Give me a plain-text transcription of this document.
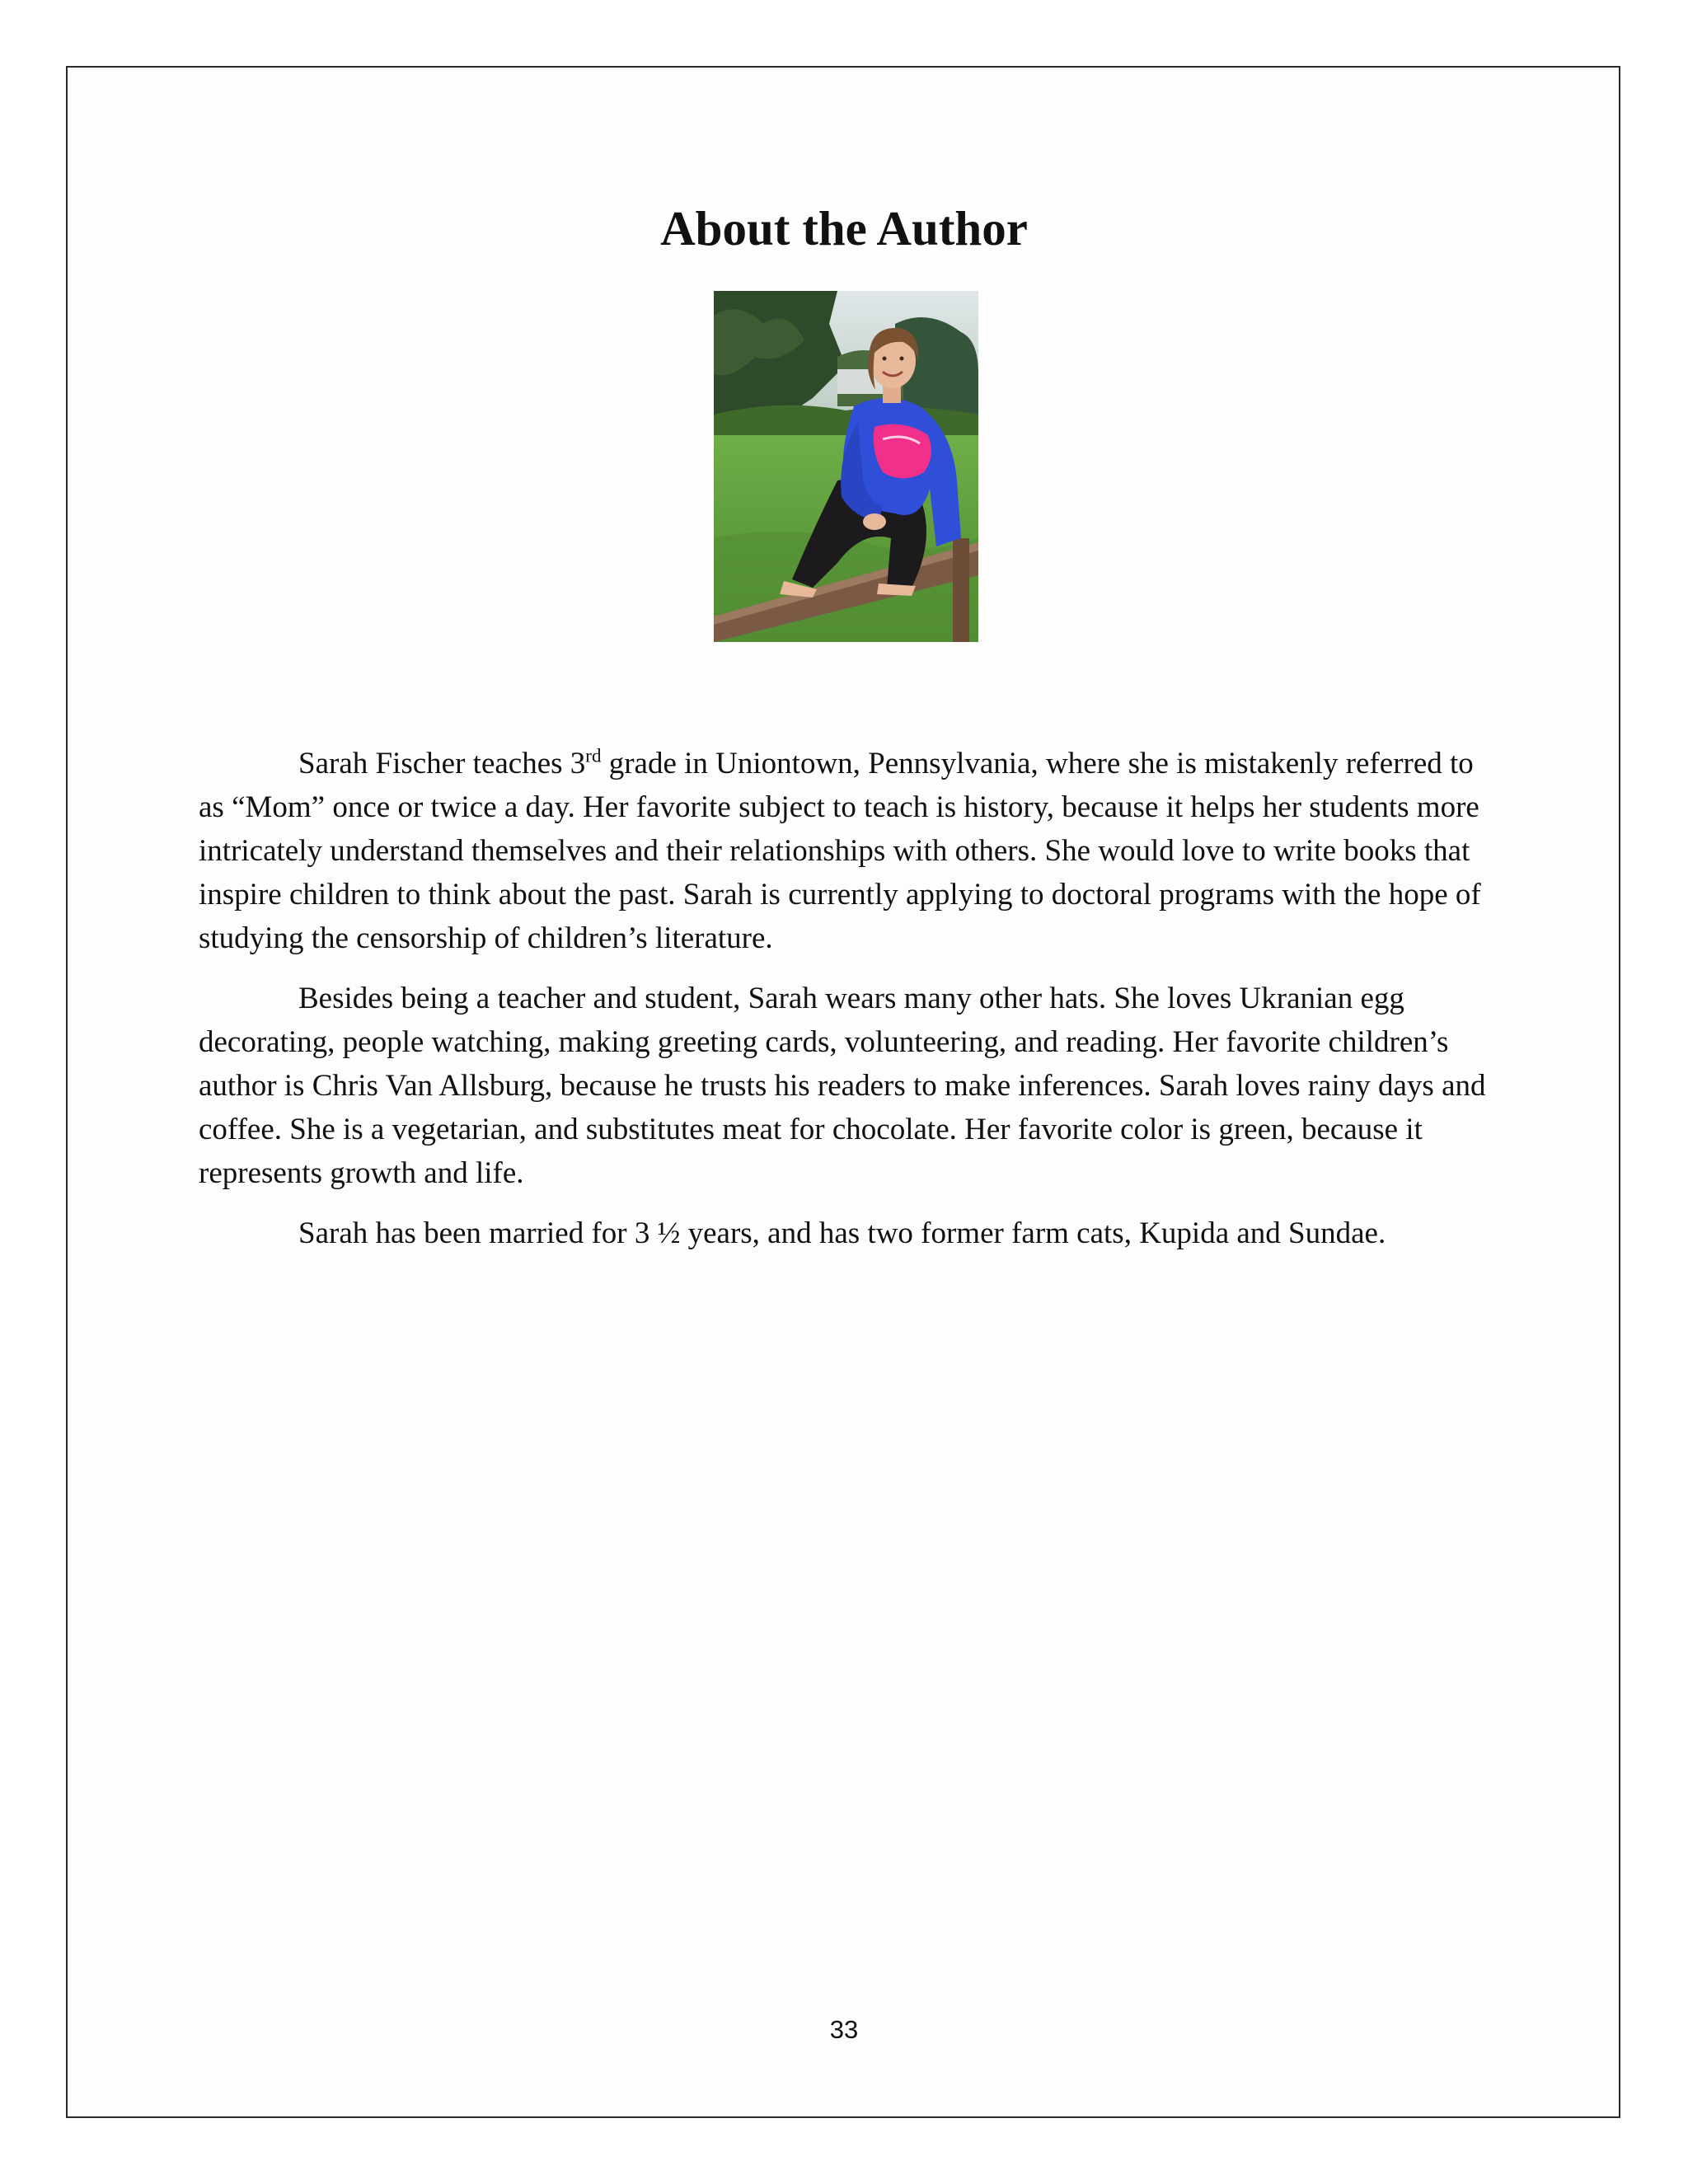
About the Author

Sarah Fischer teaches 3rd grade in Uniontown, Pennsylvania, where she is mistakenly referred to as “Mom” once or twice a day. Her favorite subject to teach is history, because it helps her students more intricately understand themselves and their relationships with others. She would love to write books that inspire children to think about the past. Sarah is currently applying to doctoral programs with the hope of studying the censorship of children’s literature.

Besides being a teacher and student, Sarah wears many other hats. She loves Ukranian egg decorating, people watching, making greeting cards, volunteering, and reading. Her favorite children’s author is Chris Van Allsburg, because he trusts his readers to make inferences. Sarah loves rainy days and coffee. She is a vegetarian, and substitutes meat for chocolate. Her favorite color is green, because it represents growth and life.

Sarah has been married for 3 ½ years, and has two former farm cats, Kupida and Sundae.

33
